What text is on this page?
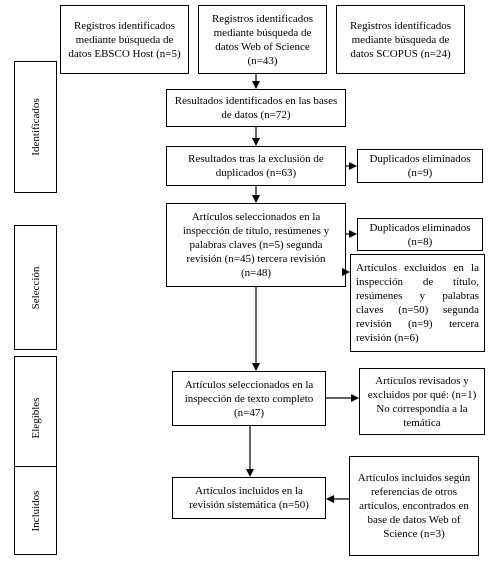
Identificados
Selección
Elegibles
Incluidos
Registros identificados mediante búsqueda de datos EBSCO Host (n=5)
Registros identificados mediante búsqueda de datos Web of Science (n=43)
Registros identificados mediante búsqueda de datos SCOPUS (n=24)
Resultados identificados en las bases de datos (n=72)
Resultados tras la exclusión de duplicados (n=63)
Artículos seleccionados en la inspección de título, resúmenes y palabras claves (n=5) segunda revisión (n=45) tercera revisión (n=48)
Artículos seleccionados en la inspección de texto completo (n=47)
Artículos incluidos en la revisión sistemática (n=50)
Duplicados eliminados (n=9)
Duplicados eliminados (n=8)
Artículos excluidos en la inspección de título, resúmenes y palabras claves (n=50) segunda revisión (n=9) tercera revisión (n=6)
Artículos revisados y excluidos por qué: (n=1) No correspondía a la temática
Artículos incluidos según referencias de otros artículos, encontrados en base de datos Web of Science (n=3)
